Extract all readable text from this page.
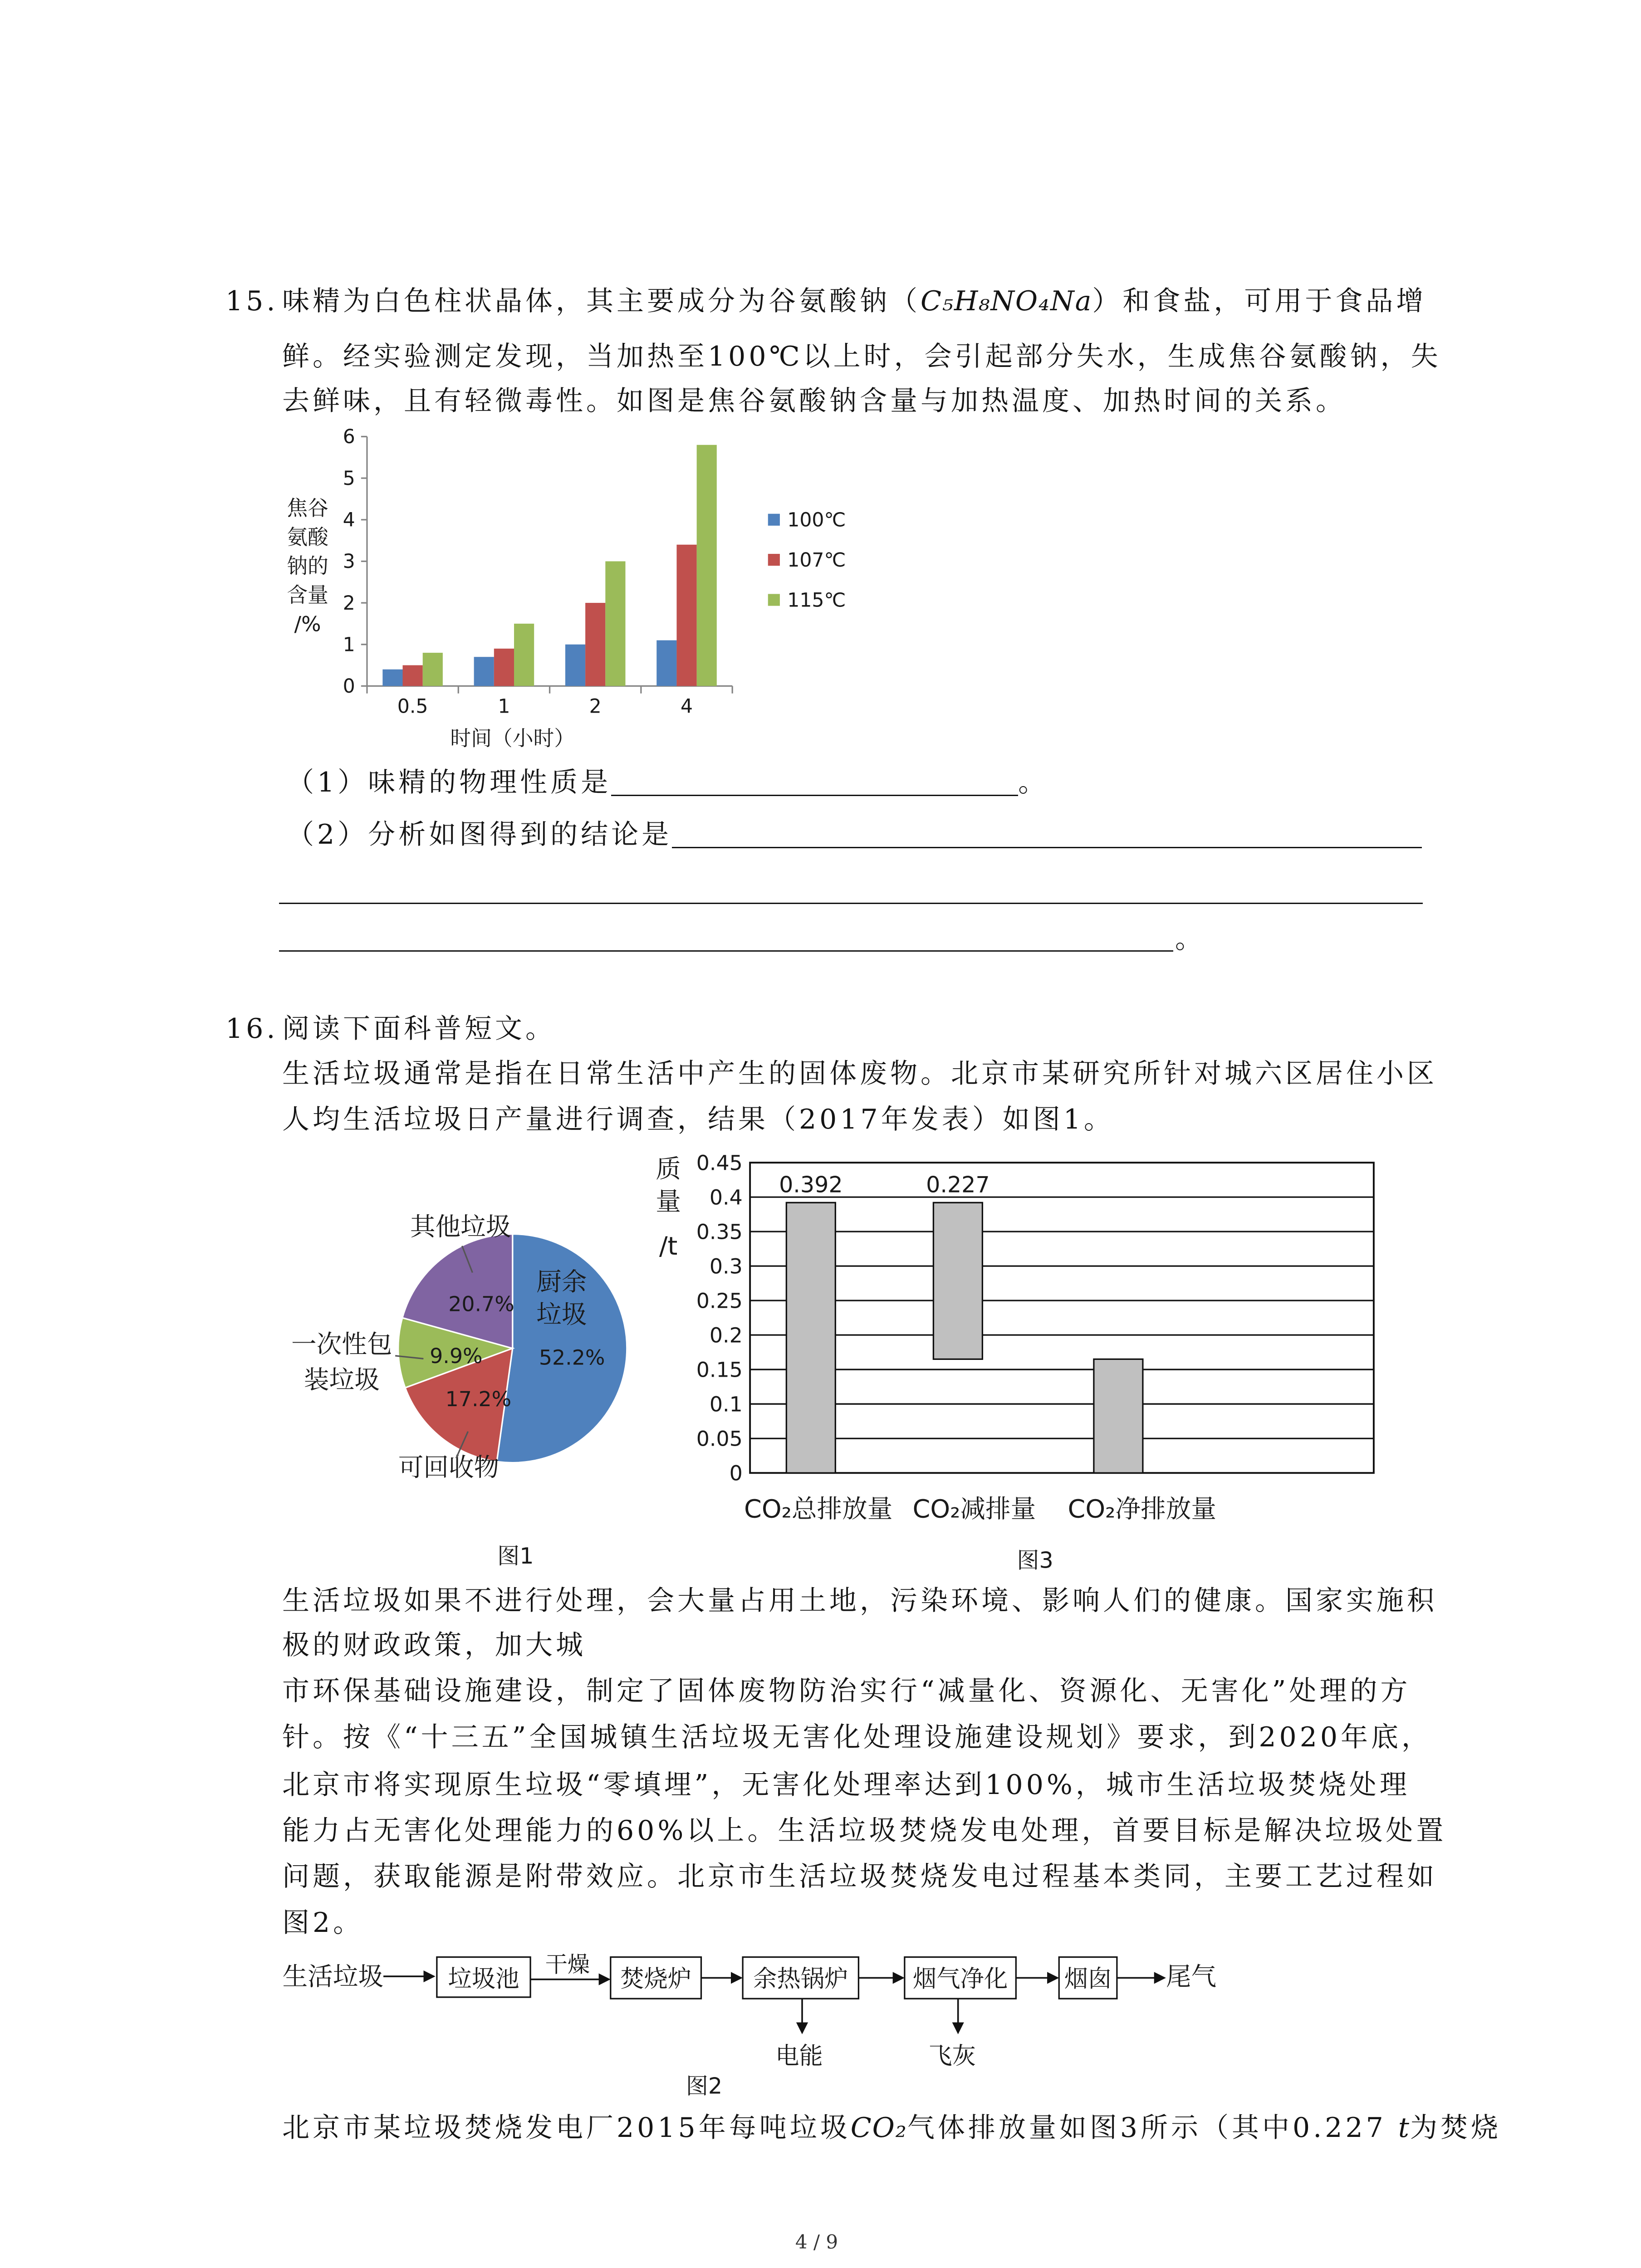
15. 味精为白色柱状晶体，其主要成分为谷氨酸钠（C₅H₈NO₄Na）和食盐，可用于食品增
鲜。经实验测定发现，当加热至100℃以上时，会引起部分失水，生成焦谷氨酸钠，失
去鲜味，且有轻微毒性。如图是焦谷氨酸钠含量与加热温度、加热时间的关系。
0
1
2
3
4
5
6
0.5	1	2	4
100℃
107℃
115℃
时间（小时）
焦谷
氨酸
钠的
含量
/%
（1）味精的物理性质是	。
（2）分析如图得到的结论是
。
16. 阅读下面科普短文。
生活垃圾通常是指在日常生活中产生的固体废物。北京市某研究所针对城六区居住小区
人均生活垃圾日产量进行调查，结果（2017年发表）如图1。
厨余
垃圾
52.2%
可回收物
17.2%
一次性包
装垃圾
9.9%
其他垃圾
20.7%
图1
0
0.05
0.1
0.15
0.2
0.25
0.3
0.35
0.4
0.45
0.392
CO₂总排放量
0.227
CO₂减排量	CO₂净排放量
质
量
/t
图3
生活垃圾如果不进行处理，会大量占用土地，污染环境、影响人们的健康。国家实施积
极的财政政策，加大城
市环保基础设施建设，制定了固体废物防治实行“减量化、资源化、无害化”处理的方
针。按《“十三五”全国城镇生活垃圾无害化处理设施建设规划》要求，到2020年底，
北京市将实现原生垃圾“零填埋”，无害化处理率达到100%，城市生活垃圾焚烧处理
能力占无害化处理能力的60%以上。生活垃圾焚烧发电处理，首要目标是解决垃圾处置
问题，获取能源是附带效应。北京市生活垃圾焚烧发电过程基本类同，主要工艺过程如
图2。
生活垃圾	垃圾池
干燥
焚烧炉	余热锅炉	烟气净化	烟囱	尾气
电能	飞灰
图2
北京市某垃圾焚烧发电厂2015年每吨垃圾CO₂气体排放量如图3所示（其中0.227 t为焚烧
4 / 9
